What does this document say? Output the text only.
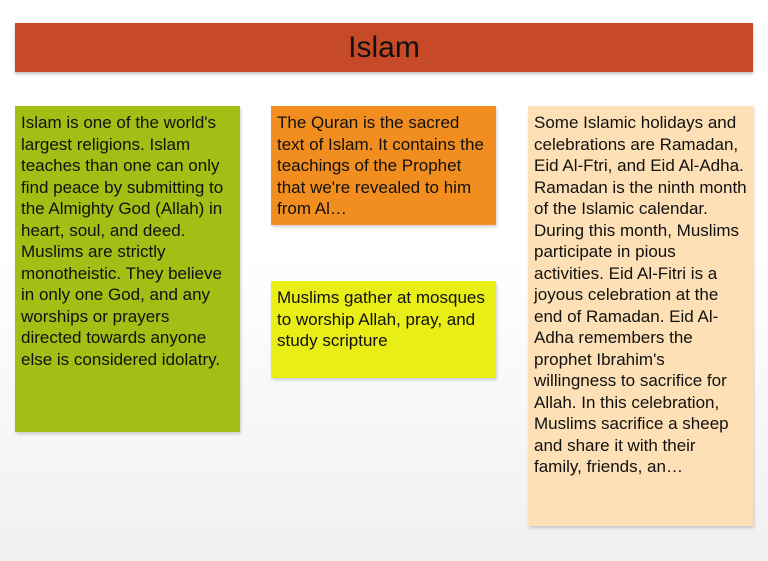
Islam
Islam is one of the world's largest religions. Islam teaches than one can only find peace by submitting to the Almighty God (Allah) in heart, soul, and deed. Muslims are strictly monotheistic. They believe in only one God, and any worships or prayers directed towards anyone else is considered idolatry.
The Quran is the sacred text of Islam. It contains the teachings of the Prophet that we're revealed to him from Al…
Muslims gather at mosques to worship Allah, pray, and study scripture
Some Islamic holidays and celebrations are Ramadan, Eid Al-Ftri, and Eid Al-Adha. Ramadan is the ninth month of the Islamic calendar. During this month, Muslims participate in pious activities. Eid Al-Fitri is a joyous celebration at the end of Ramadan. Eid Al-Adha remembers the prophet Ibrahim's willingness to sacrifice for Allah. In this celebration, Muslims sacrifice a sheep and share it with their family, friends, an…
